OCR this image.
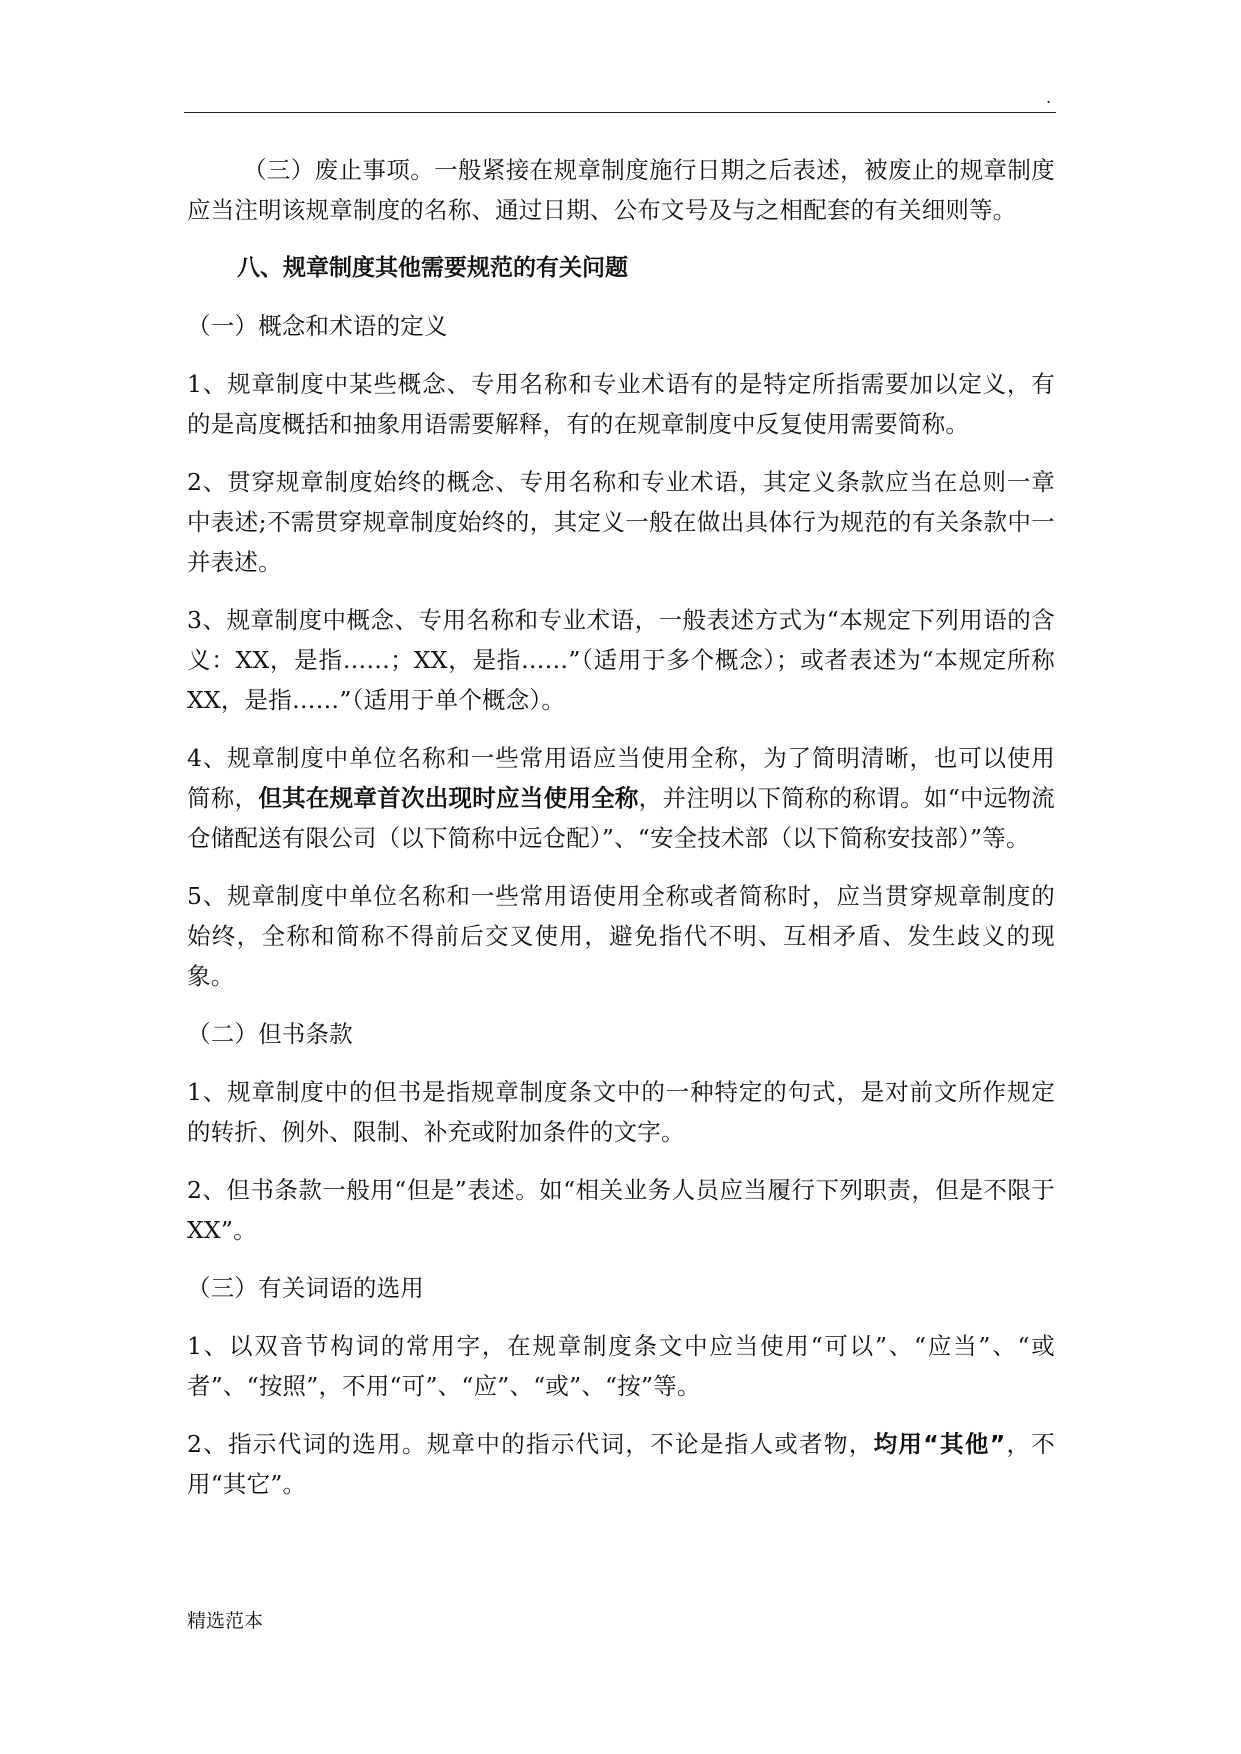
.

（三）废止事项。一般紧接在规章制度施行日期之后表述，被废止的规章制度应当注明该规章制度的名称、通过日期、公布文号及与之相配套的有关细则等。

八、规章制度其他需要规范的有关问题

（一）概念和术语的定义

1、规章制度中某些概念、专用名称和专业术语有的是特定所指需要加以定义，有的是高度概括和抽象用语需要解释，有的在规章制度中反复使用需要简称。

2、贯穿规章制度始终的概念、专用名称和专业术语，其定义条款应当在总则一章中表述;不需贯穿规章制度始终的，其定义一般在做出具体行为规范的有关条款中一并表述。

3、规章制度中概念、专用名称和专业术语，一般表述方式为“本规定下列用语的含义：XX，是指……；XX，是指……”（适用于多个概念）；或者表述为“本规定所称XX，是指……”（适用于单个概念）。

4、规章制度中单位名称和一些常用语应当使用全称，为了简明清晰，也可以使用简称，但其在规章首次出现时应当使用全称，并注明以下简称的称谓。如“中远物流仓储配送有限公司（以下简称中远仓配）”、“安全技术部（以下简称安技部）”等。

5、规章制度中单位名称和一些常用语使用全称或者简称时，应当贯穿规章制度的始终，全称和简称不得前后交叉使用，避免指代不明、互相矛盾、发生歧义的现象。

（二）但书条款

1、规章制度中的但书是指规章制度条文中的一种特定的句式，是对前文所作规定的转折、例外、限制、补充或附加条件的文字。

2、但书条款一般用“但是”表述。如“相关业务人员应当履行下列职责，但是不限于XX”。

（三）有关词语的选用

1、以双音节构词的常用字，在规章制度条文中应当使用“可以”、“应当”、“或者”、“按照”，不用“可”、“应”、“或”、“按”等。

2、指示代词的选用。规章中的指示代词，不论是指人或者物，均用“其他”，不用“其它”。

精选范本
